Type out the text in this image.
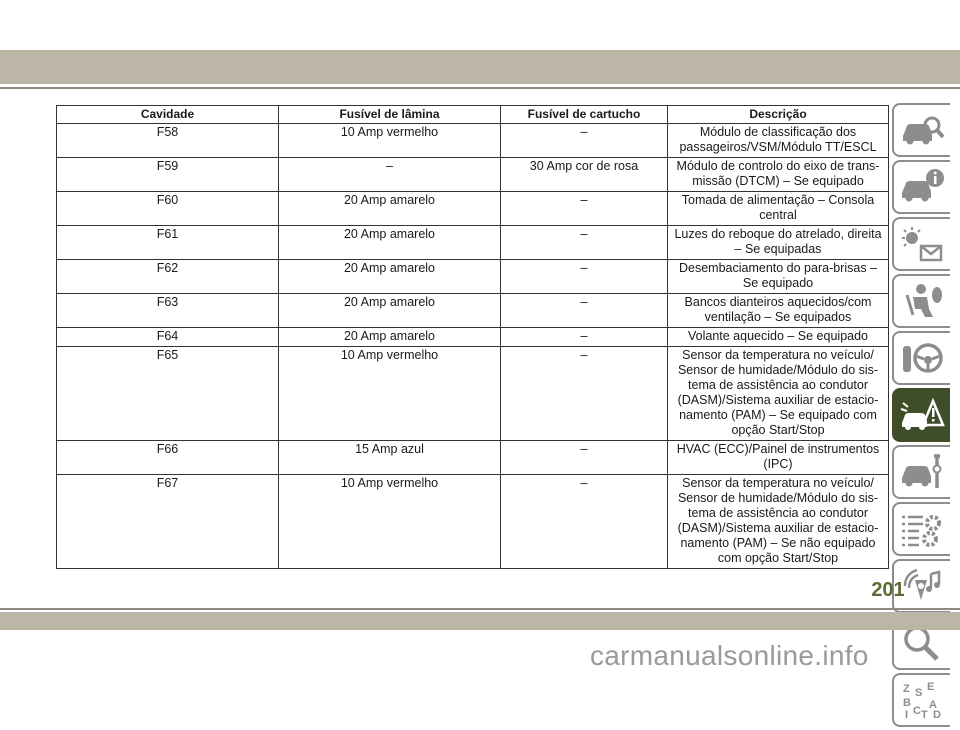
Cavidade	Fusível de lâmina	Fusível de cartucho	Descrição
F58	10 Amp vermelho	–	Módulo de classificação dos passageiros/VSM/Módulo TT/ESCL
F59	–	30 Amp cor de rosa	Módulo de controlo do eixo de trans- missão (DTCM) – Se equipado
F60	20 Amp amarelo	–	Tomada de alimentação – Consola central
F61	20 Amp amarelo	–	Luzes do reboque do atrelado, direita – Se equipadas
F62	20 Amp amarelo	–	Desembaciamento do para-brisas – Se equipado
F63	20 Amp amarelo	–	Bancos dianteiros aquecidos/com ventilação – Se equipados
F64	20 Amp amarelo	–	Volante aquecido – Se equipado
F65	10 Amp vermelho	–	Sensor da temperatura no veículo/ Sensor de humidade/Módulo do sis- tema de assistência ao condutor (DASM)/Sistema auxiliar de estacio- namento (PAM) – Se equipado com opção Start/Stop
F66	15 Amp azul	–	HVAC (ECC)/Painel de instrumentos (IPC)
F67	10 Amp vermelho	–	Sensor da temperatura no veículo/ Sensor de humidade/Módulo do sis- tema de assistência ao condutor (DASM)/Sistema auxiliar de estacio- namento (PAM) – Se não equipado com opção Start/Stop
Z E
S
B A
C
I T D
201
carmanualsonline.info
